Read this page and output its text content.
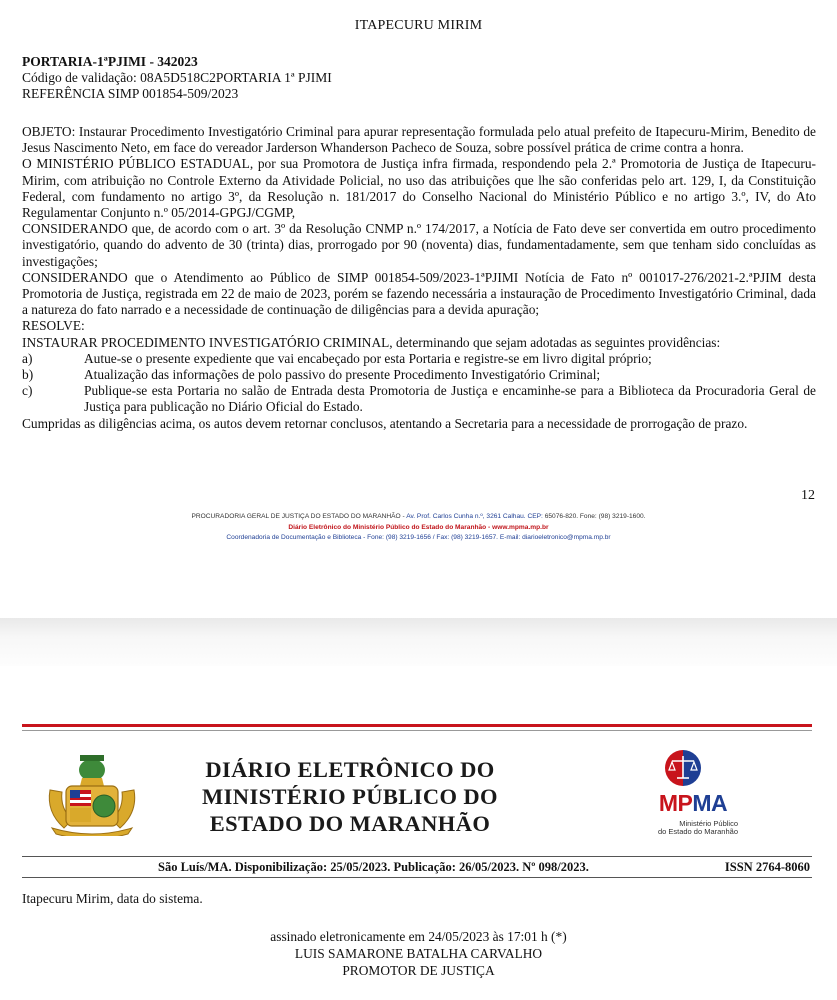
ITAPECURU MIRIM
PORTARIA-1ªPJIMI - 342023
Código de validação: 08A5D518C2PORTARIA 1ª PJIMI
REFERÊNCIA SIMP 001854-509/2023

OBJETO: Instaurar Procedimento Investigatório Criminal para apurar representação formulada pelo atual prefeito de Itapecuru-Mirim, Benedito de Jesus Nascimento Neto, em face do vereador Jarderson Whanderson Pacheco de Souza, sobre possível prática de crime contra a honra.

O MINISTÉRIO PÚBLICO ESTADUAL, por sua Promotora de Justiça infra firmada, respondendo pela 2.ª Promotoria de Justiça de Itapecuru-Mirim, com atribuição no Controle Externo da Atividade Policial, no uso das atribuições que lhe são conferidas pelo art. 129, I, da Constituição Federal, com fundamento no artigo 3º, da Resolução n. 181/2017 do Conselho Nacional do Ministério Público e no artigo 3.º, IV, do Ato Regulamentar Conjunto n.º 05/2014-GPGJ/CGMP,

CONSIDERANDO que, de acordo com o art. 3º da Resolução CNMP n.º 174/2017, a Notícia de Fato deve ser convertida em outro procedimento investigatório, quando do advento de 30 (trinta) dias, prorrogado por 90 (noventa) dias, fundamentadamente, sem que tenham sido concluídas as investigações;

CONSIDERANDO que o Atendimento ao Público de SIMP 001854-509/2023-1ªPJIMI Notícia de Fato nº 001017-276/2021-2.ªPJIM desta Promotoria de Justiça, registrada em 22 de maio de 2023, porém se fazendo necessária a instauração de Procedimento Investigatório Criminal, dada a natureza do fato narrado e a necessidade de continuação de diligências para a devida apuração;

RESOLVE:

INSTAURAR PROCEDIMENTO INVESTIGATÓRIO CRIMINAL, determinando que sejam adotadas as seguintes providências:

a)	Autue-se o presente expediente que vai encabeçado por esta Portaria e registre-se em livro digital próprio;
b)	Atualização das informações de polo passivo do presente Procedimento Investigatório Criminal;
c)	Publique-se esta Portaria no salão de Entrada desta Promotoria de Justiça e encaminhe-se para a Biblioteca da Procuradoria Geral de Justiça para publicação no Diário Oficial do Estado.

Cumpridas as diligências acima, os autos devem retornar conclusos, atentando a Secretaria para a necessidade de prorrogação de prazo.

12
PROCURADORIA GERAL DE JUSTIÇA DO ESTADO DO MARANHÃO - Av. Prof. Carlos Cunha n.º, 3261 Calhau. CEP: 65076-820. Fone: (98) 3219-1600.
Diário Eletrônico do Ministério Público do Estado do Maranhão - www.mpma.mp.br
Coordenadoria de Documentação e Biblioteca - Fone: (98) 3219-1656 / Fax: (98) 3219-1657. E-mail: diarioeletronico@mpma.mp.br
DIÁRIO ELETRÔNICO DO
MINISTÉRIO PÚBLICO DO
ESTADO DO MARANHÃO
MPMA
Ministério Público
do Estado do Maranhão
São Luís/MA. Disponibilização: 25/05/2023. Publicação: 26/05/2023. Nº 098/2023.	ISSN 2764-8060
Itapecuru Mirim, data do sistema.
assinado eletronicamente em 24/05/2023 às 17:01 h (*)
LUIS SAMARONE BATALHA CARVALHO
PROMOTOR DE JUSTIÇA
